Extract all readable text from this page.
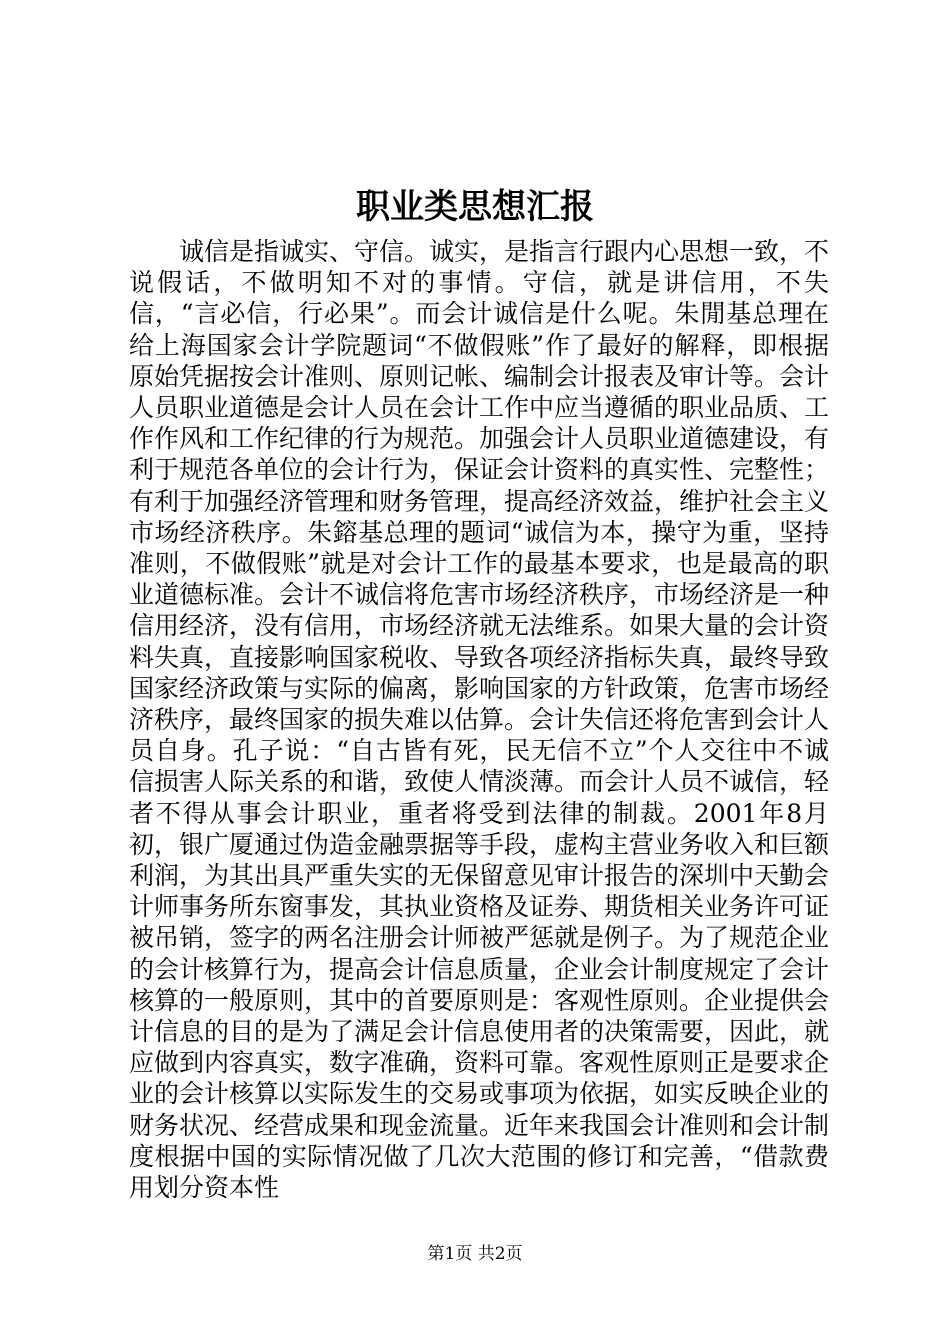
职业类思想汇报

诚信是指诚实、守信。诚实，是指言行跟内心思想一致，不说假话，不做明知不对的事情。守信，就是讲信用，不失信，“言必信，行必果”。而会计诚信是什么呢。朱閒基总理在给上海国家会计学院题词“不做假账”作了最好的解释，即根据原始凭据按会计准则、原则记帐、编制会计报表及审计等。会计人员职业道德是会计人员在会计工作中应当遵循的职业品质、工作作风和工作纪律的行为规范。加强会计人员职业道德建设，有利于规范各单位的会计行为，保证会计资料的真实性、完整性；有利于加强经济管理和财务管理，提高经济效益，维护社会主义市场经济秩序。朱鎔基总理的题词“诚信为本，操守为重，坚持准则，不做假账”就是对会计工作的最基本要求，也是最高的职业道德标准。会计不诚信将危害市场经济秩序，市场经济是一种信用经济，没有信用，市场经济就无法维系。如果大量的会计资料失真，直接影响国家税收、导致各项经济指标失真，最终导致国家经济政策与实际的偏离，影响国家的方针政策，危害市场经济秩序，最终国家的损失难以估算。会计失信还将危害到会计人员自身。孔子说：“自古皆有死，民无信不立”个人交往中不诚信损害人际关系的和谐，致使人情淡薄。而会计人员不诚信，轻者不得从事会计职业，重者将受到法律的制裁。2001年8月初，银广厦通过伪造金融票据等手段，虚构主营业务收入和巨额利润，为其出具严重失实的无保留意见审计报告的深圳中天勤会计师事务所东窗事发，其执业资格及证券、期货相关业务许可证被吊销，签字的两名注册会计师被严惩就是例子。为了规范企业的会计核算行为，提高会计信息质量，企业会计制度规定了会计核算的一般原则，其中的首要原则是：客观性原则。企业提供会计信息的目的是为了满足会计信息使用者的决策需要，因此，就应做到内容真实，数字准确，资料可靠。客观性原则正是要求企业的会计核算以实际发生的交易或事项为依据，如实反映企业的财务状况、经营成果和现金流量。近年来我国会计准则和会计制度根据中国的实际情况做了几次大范围的修订和完善，“借款费用划分资本性

第1页 共2页
